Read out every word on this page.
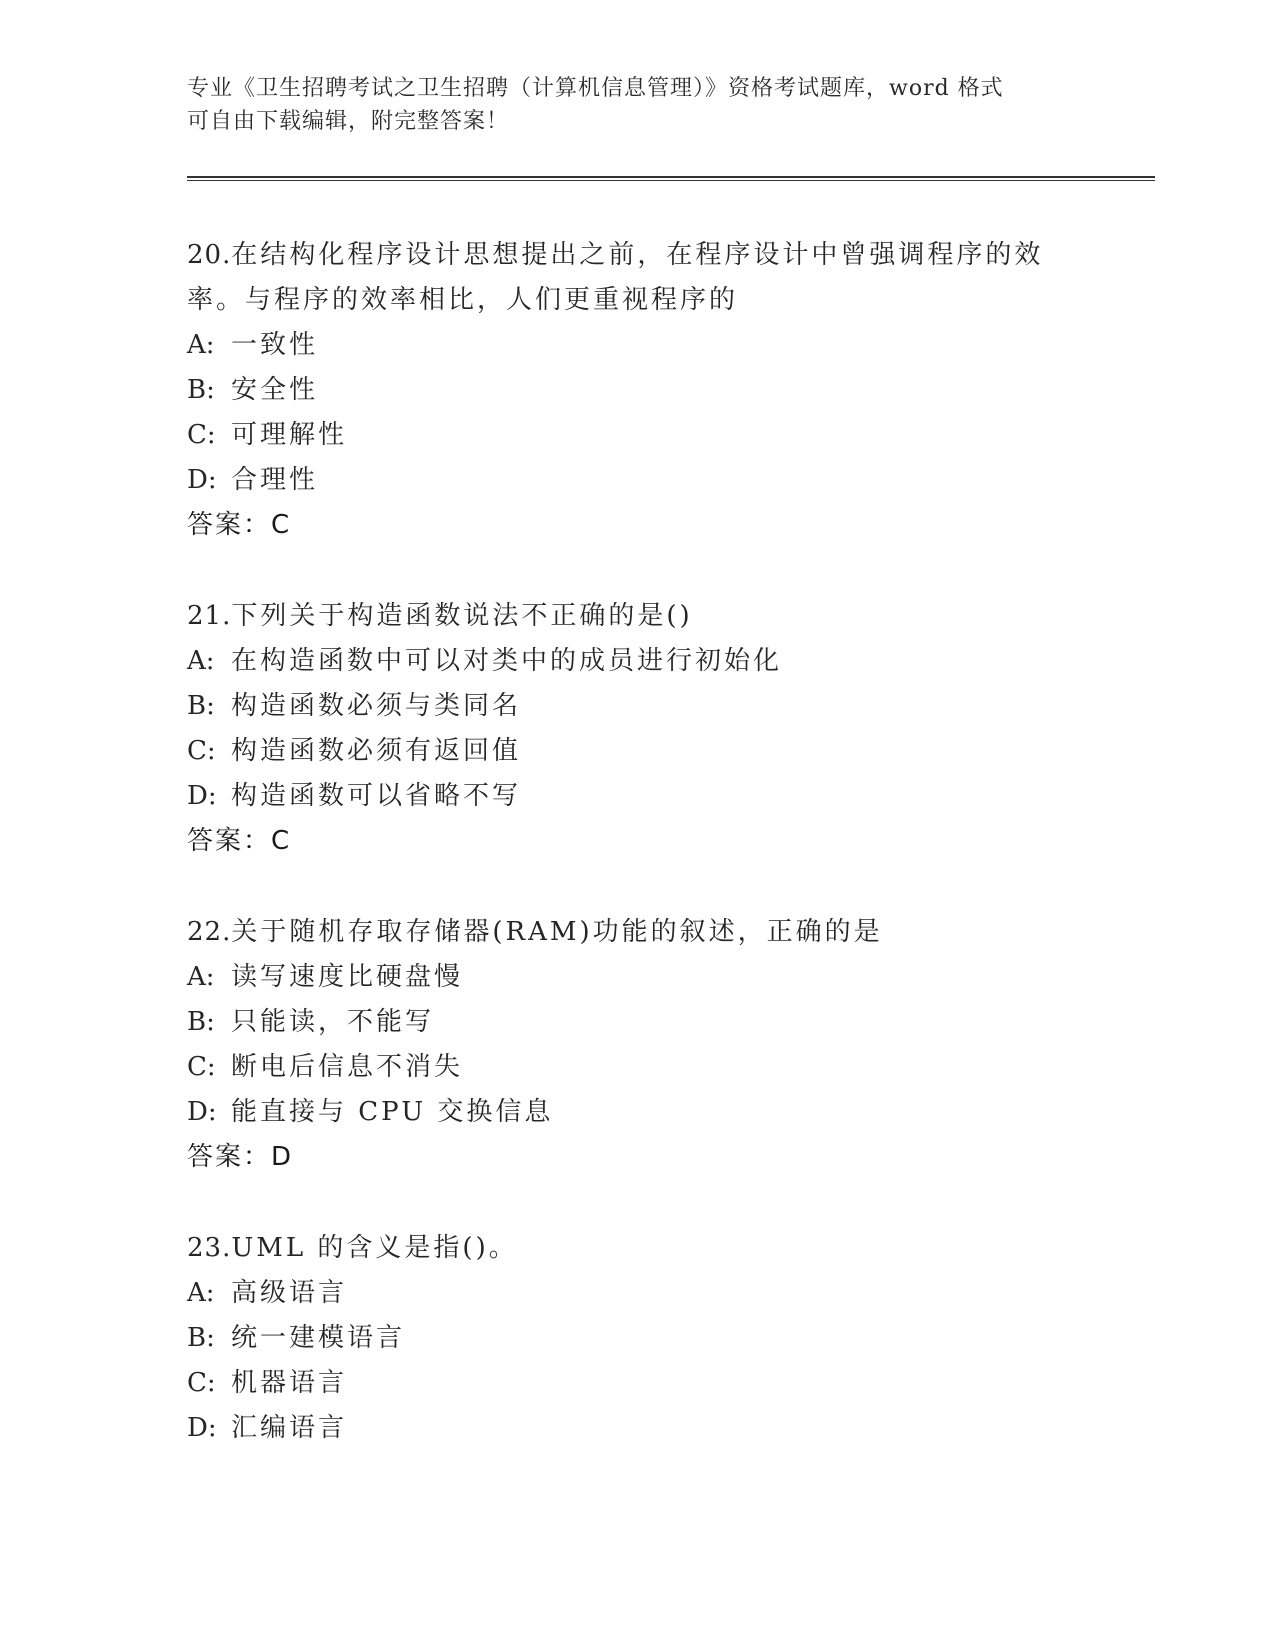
专业《卫生招聘考试之卫生招聘（计算机信息管理）》资格考试题库，word 格式
可自由下载编辑，附完整答案！
20.在结构化程序设计思想提出之前，在程序设计中曾强调程序的效率。与程序的效率相比，人们更重视程序的
A: 一致性
B: 安全性
C: 可理解性
D: 合理性
答案：C
21.下列关于构造函数说法不正确的是()
A: 在构造函数中可以对类中的成员进行初始化
B: 构造函数必须与类同名
C: 构造函数必须有返回值
D: 构造函数可以省略不写
答案：C
22.关于随机存取存储器(RAM)功能的叙述，正确的是
A: 读写速度比硬盘慢
B: 只能读，不能写
C: 断电后信息不消失
D: 能直接与 CPU 交换信息
答案：D
23.UML 的含义是指()。
A: 高级语言
B: 统一建模语言
C: 机器语言
D: 汇编语言
